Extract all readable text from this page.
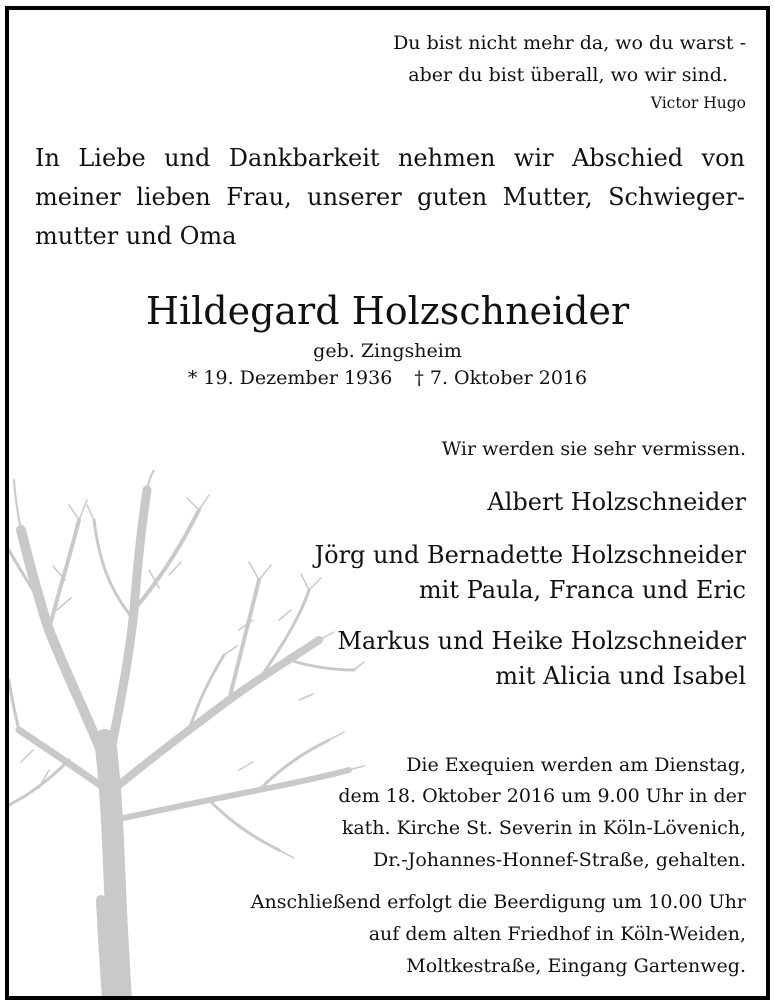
Du bist nicht mehr da, wo du warst -
aber du bist überall, wo wir sind.
Victor Hugo
In Liebe und Dankbarkeit nehmen wir Abschied von
meiner lieben Frau, unserer guten Mutter, Schwieger-
mutter und Oma
Hildegard Holzschneider
geb. Zingsheim
* 19. Dezember 1936 † 7. Oktober 2016
Wir werden sie sehr vermissen.
Albert Holzschneider
Jörg und Bernadette Holzschneider
mit Paula, Franca und Eric
Markus und Heike Holzschneider
mit Alicia und Isabel
Die Exequien werden am Dienstag,
dem 18. Oktober 2016 um 9.00 Uhr in der
kath. Kirche St. Severin in Köln-Lövenich,
Dr.-Johannes-Honnef-Straße, gehalten.
Anschließend erfolgt die Beerdigung um 10.00 Uhr
auf dem alten Friedhof in Köln-Weiden,
Moltkestraße, Eingang Gartenweg.
